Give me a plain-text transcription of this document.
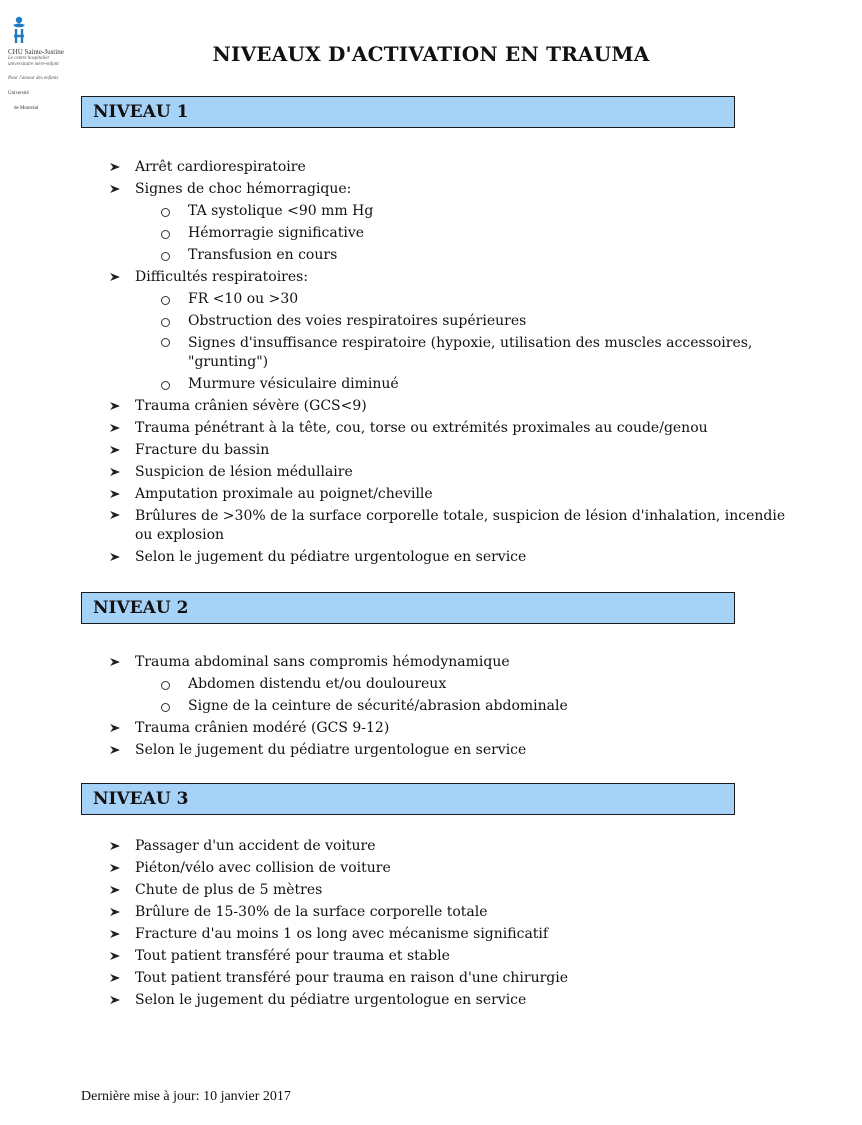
CHU Sainte-Justine
Le centre hospitalier
universitaire mère-enfant
Pour l'amour des enfants
Université
de Montréal
NIVEAUX D'ACTIVATION EN TRAUMA
NIVEAU 1
Arrêt cardiorespiratoire
Signes de choc hémorragique:
TA systolique <90 mm Hg
Hémorragie significative
Transfusion en cours
Difficultés respiratoires:
FR <10 ou >30
Obstruction des voies respiratoires supérieures
Signes d'insuffisance respiratoire (hypoxie, utilisation des muscles accessoires, "grunting")
Murmure vésiculaire diminué
Trauma crânien sévère (GCS<9)
Trauma pénétrant à la tête, cou, torse ou extrémités proximales au coude/genou
Fracture du bassin
Suspicion de lésion médullaire
Amputation proximale au poignet/cheville
Brûlures de >30% de la surface corporelle totale, suspicion de lésion d'inhalation, incendie ou explosion
Selon le jugement du pédiatre urgentologue en service
NIVEAU 2
Trauma abdominal sans compromis hémodynamique
Abdomen distendu et/ou douloureux
Signe de la ceinture de sécurité/abrasion abdominale
Trauma crânien modéré (GCS 9-12)
Selon le jugement du pédiatre urgentologue en service
NIVEAU 3
Passager d'un accident de voiture
Piéton/vélo avec collision de voiture
Chute de plus de 5 mètres
Brûlure de 15-30% de la surface corporelle totale
Fracture d'au moins 1 os long avec mécanisme significatif
Tout patient transféré pour trauma et stable
Tout patient transféré pour trauma en raison d'une chirurgie
Selon le jugement du pédiatre urgentologue en service
Dernière mise à jour: 10 janvier 2017
